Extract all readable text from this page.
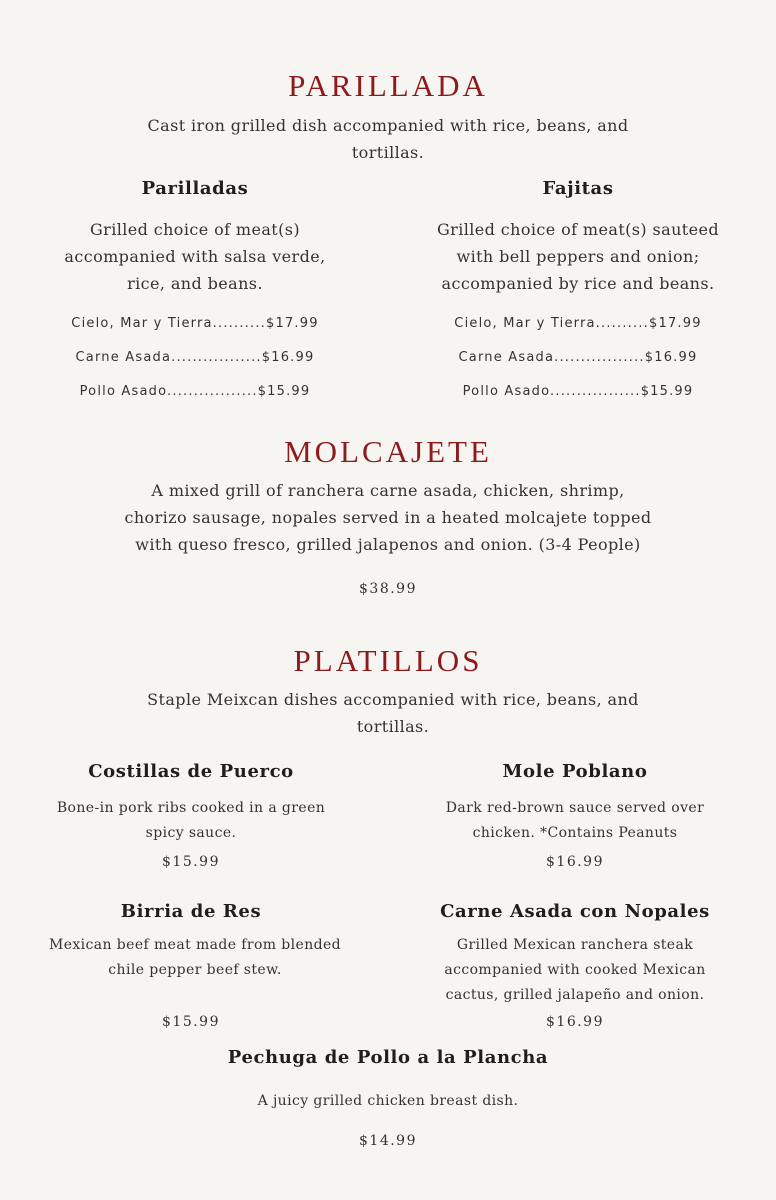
PARILLADA
Cast iron grilled dish accompanied with rice, beans, and
tortillas.
Parilladas
Grilled choice of meat(s)
accompanied with salsa verde,
rice, and beans.
Cielo, Mar y Tierra..........$17.99
Carne Asada.................$16.99
Pollo Asado.................$15.99
Fajitas
Grilled choice of meat(s) sauteed
with bell peppers and onion;
accompanied by rice and beans.
Cielo, Mar y Tierra..........$17.99
Carne Asada.................$16.99
Pollo Asado.................$15.99
MOLCAJETE
A mixed grill of ranchera carne asada, chicken, shrimp,
chorizo sausage, nopales served in a heated molcajete topped
with queso fresco, grilled jalapenos and onion. (3-4 People)
$38.99
PLATILLOS
Staple Meixcan dishes accompanied with rice, beans, and
tortillas.
Costillas de Puerco
Bone-in pork ribs cooked in a green
spicy sauce.
$15.99
Mole Poblano
Dark red-brown sauce served over
chicken. *Contains Peanuts
$16.99
Birria de Res
Mexican beef meat made from blended
chile pepper beef stew.
$15.99
Carne Asada con Nopales
Grilled Mexican ranchera steak
accompanied with cooked Mexican
cactus, grilled jalapeño and onion.
$16.99
Pechuga de Pollo a la Plancha
A juicy grilled chicken breast dish.
$14.99
